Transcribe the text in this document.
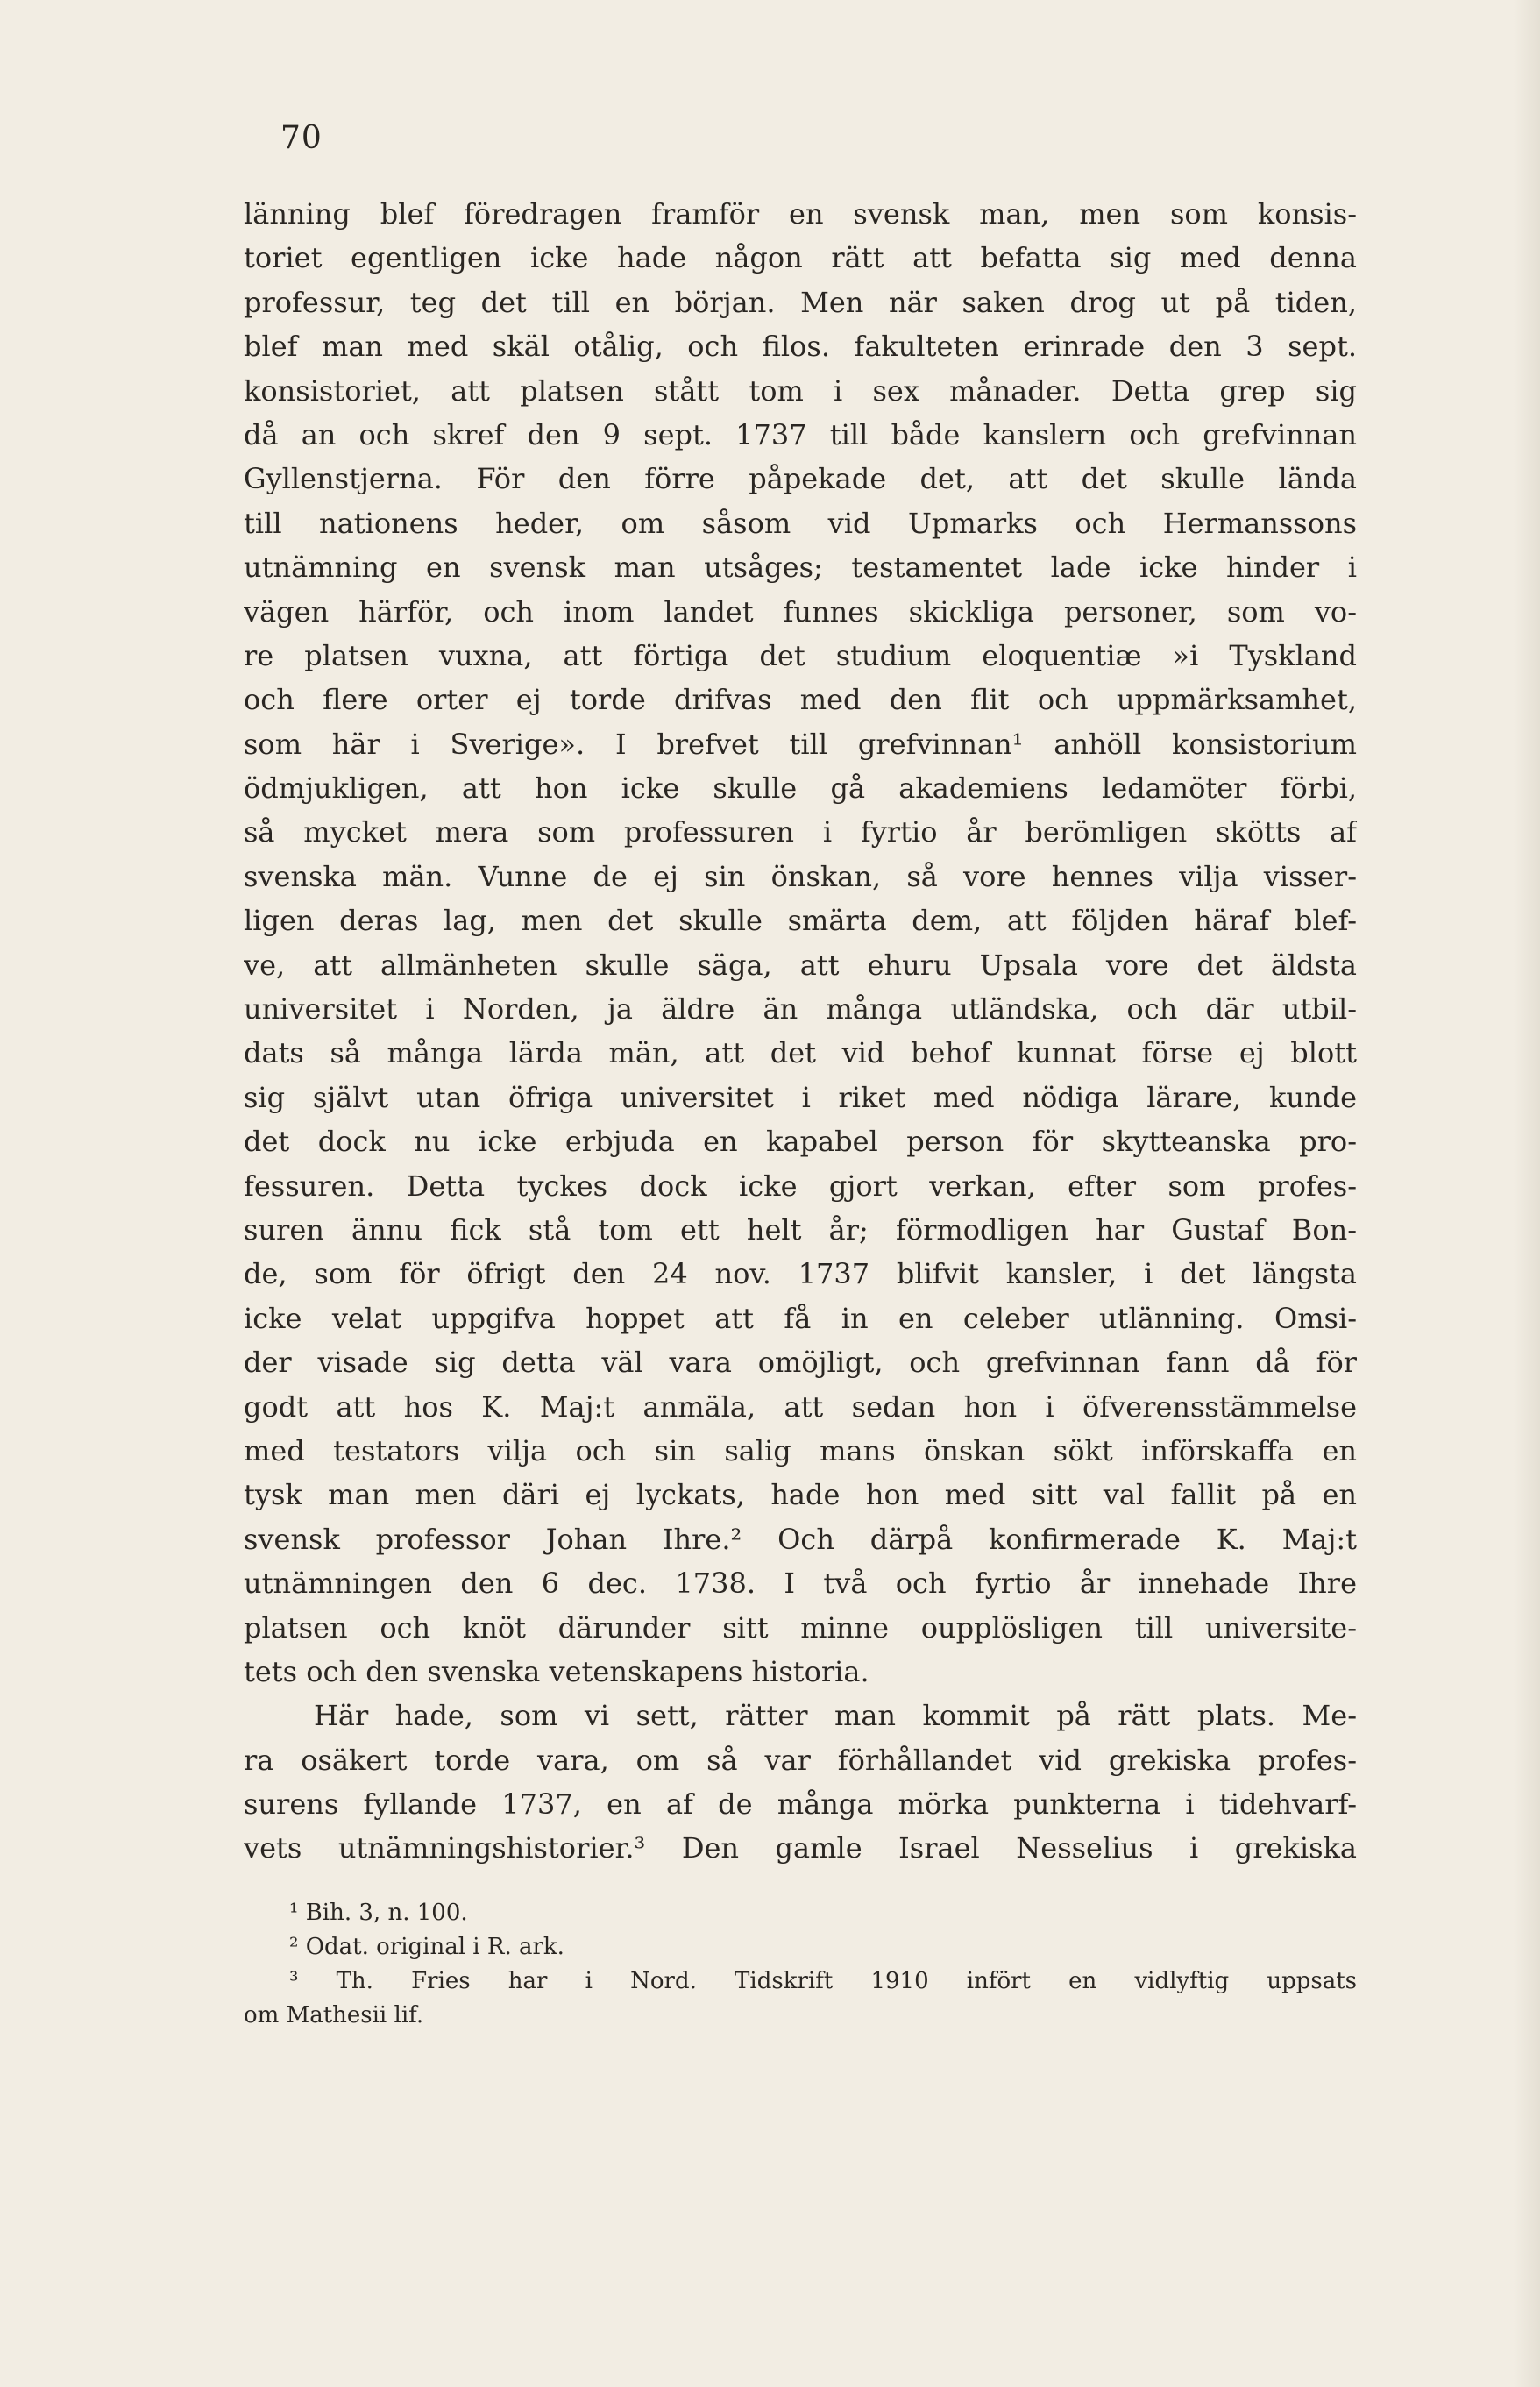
70
länning blef föredragen framför en svensk man, men som konsis-
toriet egentligen icke hade någon rätt att befatta sig med denna
professur, teg det till en början. Men när saken drog ut på tiden,
blef man med skäl otålig, och filos. fakulteten erinrade den 3 sept.
konsistoriet, att platsen stått tom i sex månader. Detta grep sig
då an och skref den 9 sept. 1737 till både kanslern och grefvinnan
Gyllenstjerna. För den förre påpekade det, att det skulle lända
till nationens heder, om såsom vid Upmarks och Hermanssons
utnämning en svensk man utsåges; testamentet lade icke hinder i
vägen härför, och inom landet funnes skickliga personer, som vo-
re platsen vuxna, att förtiga det studium eloquentiæ »i Tyskland
och flere orter ej torde drifvas med den flit och uppmärksamhet,
som här i Sverige». I brefvet till grefvinnan¹ anhöll konsistorium
ödmjukligen, att hon icke skulle gå akademiens ledamöter förbi,
så mycket mera som professuren i fyrtio år berömligen skötts af
svenska män. Vunne de ej sin önskan, så vore hennes vilja visser-
ligen deras lag, men det skulle smärta dem, att följden häraf blef-
ve, att allmänheten skulle säga, att ehuru Upsala vore det äldsta
universitet i Norden, ja äldre än många utländska, och där utbil-
dats så många lärda män, att det vid behof kunnat förse ej blott
sig självt utan öfriga universitet i riket med nödiga lärare, kunde
det dock nu icke erbjuda en kapabel person för skytteanska pro-
fessuren. Detta tyckes dock icke gjort verkan, efter som profes-
suren ännu fick stå tom ett helt år; förmodligen har Gustaf Bon-
de, som för öfrigt den 24 nov. 1737 blifvit kansler, i det längsta
icke velat uppgifva hoppet att få in en celeber utlänning. Omsi-
der visade sig detta väl vara omöjligt, och grefvinnan fann då för
godt att hos K. Maj:t anmäla, att sedan hon i öfverensstämmelse
med testators vilja och sin salig mans önskan sökt införskaffa en
tysk man men däri ej lyckats, hade hon med sitt val fallit på en
svensk professor Johan Ihre.² Och därpå konfirmerade K. Maj:t
utnämningen den 6 dec. 1738. I två och fyrtio år innehade Ihre
platsen och knöt därunder sitt minne oupplösligen till universite-
tets och den svenska vetenskapens historia.
Här hade, som vi sett, rätter man kommit på rätt plats. Me-
ra osäkert torde vara, om så var förhållandet vid grekiska profes-
surens fyllande 1737, en af de många mörka punkterna i tidehvarf-
vets utnämningshistorier.³ Den gamle Israel Nesselius i grekiska
¹ Bih. 3, n. 100.
² Odat. original i R. ark.
³ Th. Fries har i Nord. Tidskrift 1910 infört en vidlyftig uppsats
om Mathesii lif.
